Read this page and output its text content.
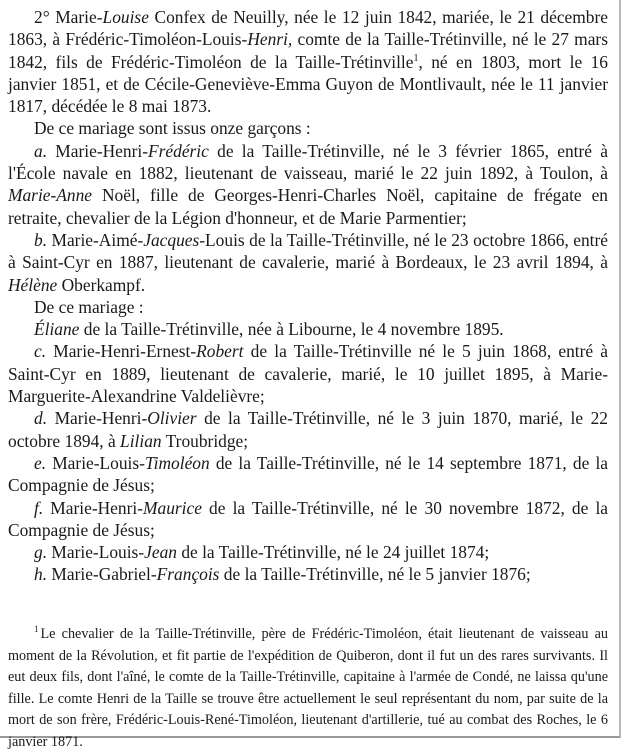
2° Marie-Louise Confex de Neuilly, née le 12 juin 1842, mariée, le 21 décembre 1863, à Frédéric-Timoléon-Louis-Henri, comte de la Taille-Trétinville, né le 27 mars 1842, fils de Frédéric-Timoléon de la Taille-Trétinville$^1$, né en 1803, mort le 16 janvier 1851, et de Cécile-Geneviève-Emma Guyon de Montlivault, née le 11 janvier 1817, décédée le 8 mai 1873.

De ce mariage sont issus onze garçons :

a. Marie-Henri-Frédéric de la Taille-Trétinville, né le 3 février 1865, entré à l'École navale en 1882, lieutenant de vaisseau, marié le 22 juin 1892, à Toulon, à Marie-Anne Noël, fille de Georges-Henri-Charles Noël, capitaine de frégate en retraite, chevalier de la Légion d'honneur, et de Marie Parmentier;

b. Marie-Aimé-Jacques-Louis de la Taille-Trétinville, né le 23 octobre 1866, entré à Saint-Cyr en 1887, lieutenant de cavalerie, marié à Bordeaux, le 23 avril 1894, à Hélène Oberkampf.

De ce mariage :

Éliane de la Taille-Trétinville, née à Libourne, le 4 novembre 1895.

c. Marie-Henri-Ernest-Robert de la Taille-Trétinville né le 5 juin 1868, entré à Saint-Cyr en 1889, lieutenant de cavalerie, marié, le 10 juillet 1895, à Marie-Marguerite-Alexandrine Valdelièvre;

d. Marie-Henri-Olivier de la Taille-Trétinville, né le 3 juin 1870, marié, le 22 octobre 1894, à Lilian Troubridge;

e. Marie-Louis-Timoléon de la Taille-Trétinville, né le 14 septembre 1871, de la Compagnie de Jésus;

f. Marie-Henri-Maurice de la Taille-Trétinville, né le 30 novembre 1872, de la Compagnie de Jésus;

g. Marie-Louis-Jean de la Taille-Trétinville, né le 24 juillet 1874;

h. Marie-Gabriel-François de la Taille-Trétinville, né le 5 janvier 1876;

$^1$ Le chevalier de la Taille-Trétinville, père de Frédéric-Timoléon, était lieutenant de vaisseau au moment de la Révolution, et fit partie de l'expédition de Quiberon, dont il fut un des rares survivants. Il eut deux fils, dont l'aîné, le comte de la Taille-Trétinville, capitaine à l'armée de Condé, ne laissa qu'une fille. Le comte Henri de la Taille se trouve être actuellement le seul représentant du nom, par suite de la mort de son frère, Frédéric-Louis-René-Timoléon, lieutenant d'artillerie, tué au combat des Roches, le 6 janvier 1871.
